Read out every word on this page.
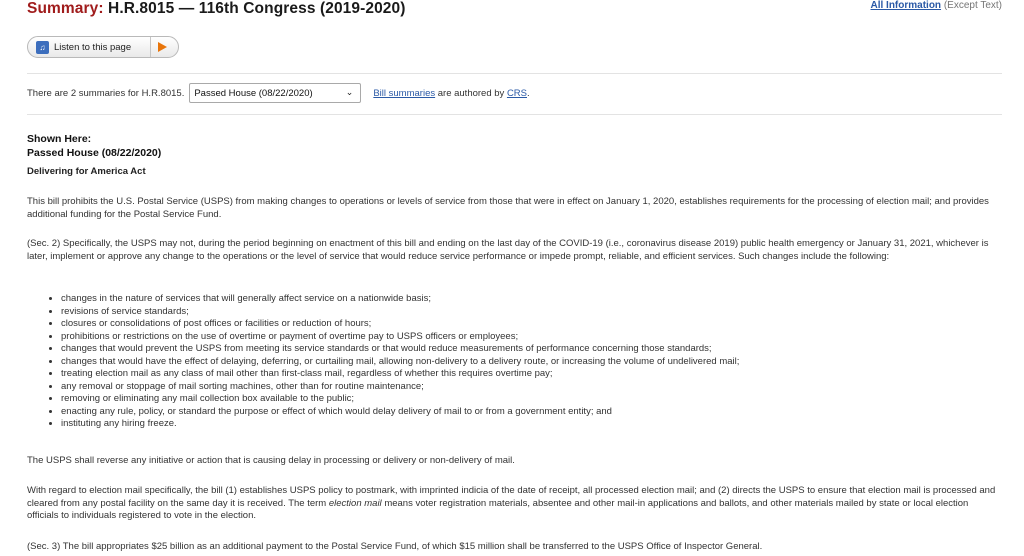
Summary: H.R.8015 — 116th Congress (2019-2020)	All Information (Except Text)
♫ Listen to this page
There are 2 summaries for H.R.8015. Passed House (08/22/2020)	⌄ Bill summaries are authored by CRS.
Shown Here:
Passed House (08/22/2020)
Delivering for America Act

This bill prohibits the U.S. Postal Service (USPS) from making changes to operations or levels of service from those that were in effect on January 1, 2020, establishes requirements for the processing of election mail; and provides additional funding for the Postal Service Fund.

(Sec. 2) Specifically, the USPS may not, during the period beginning on enactment of this bill and ending on the last day of the COVID-19 (i.e., coronavirus disease 2019) public health emergency or January 31, 2021, whichever is later, implement or approve any change to the operations or the level of service that would reduce service performance or impede prompt, reliable, and efficient services. Such changes include the following:

• changes in the nature of services that will generally affect service on a nationwide basis;
• revisions of service standards;
• closures or consolidations of post offices or facilities or reduction of hours;
• prohibitions or restrictions on the use of overtime or payment of overtime pay to USPS officers or employees;
• changes that would prevent the USPS from meeting its service standards or that would reduce measurements of performance concerning those standards;
• changes that would have the effect of delaying, deferring, or curtailing mail, allowing non-delivery to a delivery route, or increasing the volume of undelivered mail;
• treating election mail as any class of mail other than first-class mail, regardless of whether this requires overtime pay;
• any removal or stoppage of mail sorting machines, other than for routine maintenance;
• removing or eliminating any mail collection box available to the public;
• enacting any rule, policy, or standard the purpose or effect of which would delay delivery of mail to or from a government entity; and
• instituting any hiring freeze.

The USPS shall reverse any initiative or action that is causing delay in processing or delivery or non-delivery of mail.

With regard to election mail specifically, the bill (1) establishes USPS policy to postmark, with imprinted indicia of the date of receipt, all processed election mail; and (2) directs the USPS to ensure that election mail is processed and cleared from any postal facility on the same day it is received. The term election mail means voter registration materials, absentee and other mail-in applications and ballots, and other materials mailed by state or local election officials to individuals registered to vote in the election.

(Sec. 3) The bill appropriates $25 billion as an additional payment to the Postal Service Fund, of which $15 million shall be transferred to the USPS Office of Inspector General.
